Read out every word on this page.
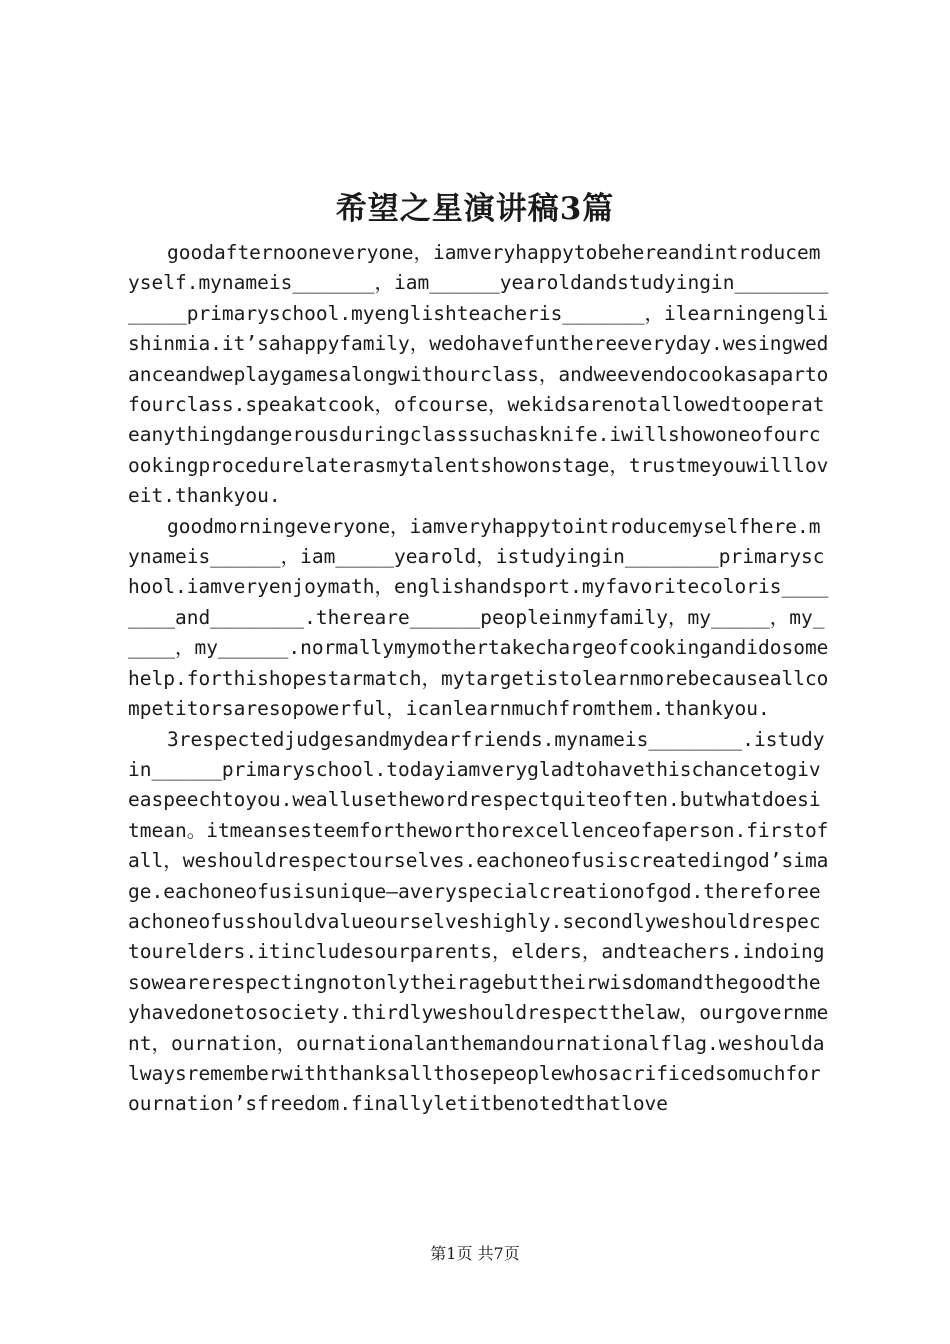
希望之星演讲稿3篇

goodafternooneveryone，iamveryhappytobehereandintroducemyself.mynameis_______，iam______yearoldandstudyingin_____________primaryschool.myenglishteacheris_______，ilearningenglishinmia.it’sahappyfamily，wedohavefunthereeveryday.wesingwedanceandweplaygamesalongwithourclass，andweevendocookasapartofourclass.speakatcook，ofcourse，wekidsarenotallowedtooperateanythingdangerousduringclasssuchasknife.iwillshowoneofourcookingprocedurelaterasmytalentshowonstage，trustmeyouwillloveit.thankyou.

goodmorningeveryone，iamveryhappytointroducemyselfhere.mynameis______，iam_____yearold，istudyingin________primaryschool.iamveryenjoymath，englishandsport.myfavoritecoloris________and________.thereare______peopleinmyfamily，my_____，my_____，my______.normallymymothertakechargeofcookingandidosomehelp.forthishopestarmatch，mytargetistolearnmorebecauseallcompetitorsaresopowerful，icanlearnmuchfromthem.thankyou.

3respectedjudgesandmydearfriends.mynameis________.istudyin______primaryschool.todayiamverygladtohavethischancetogiveaspeechtoyou.weallusethewordrespectquiteoften.butwhatdoesitmean。itmeansesteemfortheworthorexcellenceofaperson.firstofall，weshouldrespectourselves.eachoneofusiscreatedingod’simage.eachoneofusisunique—averyspecialcreationofgod.thereforeeachoneofusshouldvalueourselveshighly.secondlyweshouldrespectourelders.itincludesourparents，elders，andteachers.indoingsowearerespectingnotonlytheiragebuttheirwisdomandthegoodtheyhavedonetosociety.thirdlyweshouldrespectthelaw，ourgovernment，ournation，ournationalanthemandournationalflag.weshouldalwaysrememberwiththanksallthosepeoplewhosacrificedsomuchforournation’sfreedom.finallyletitbenotedthatlove

第1页 共7页
